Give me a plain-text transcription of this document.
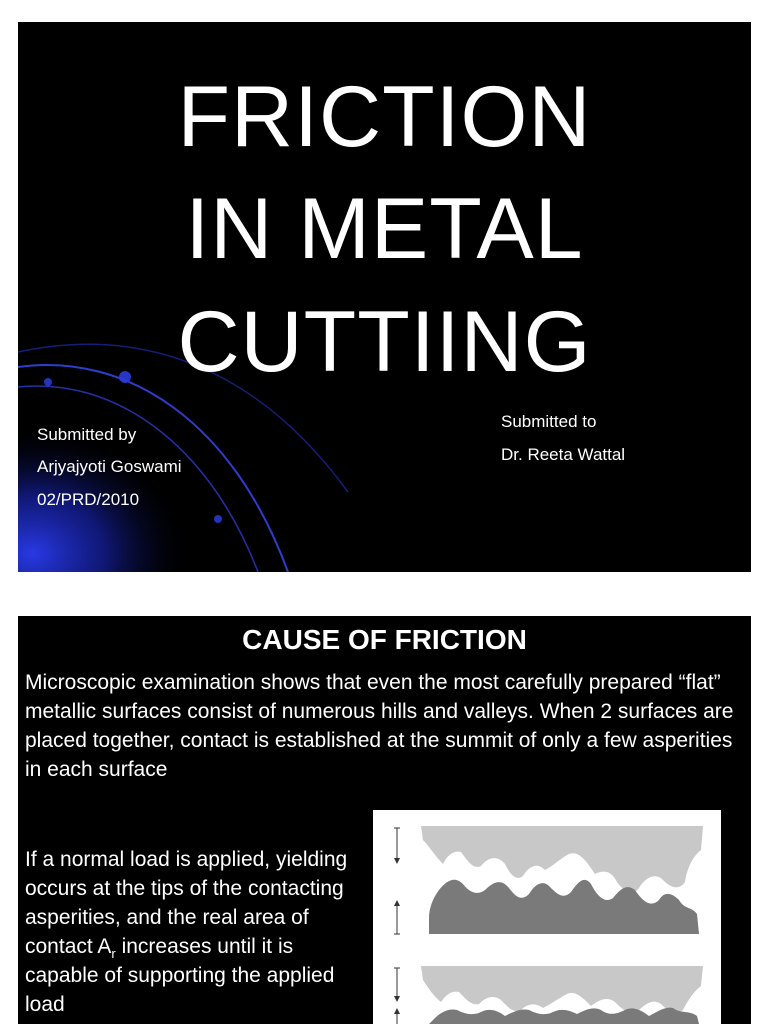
FRICTION
IN METAL
CUTTIING
Submitted by
Arjyajyoti Goswami
02/PRD/2010
Submitted to
Dr. Reeta Wattal
CAUSE OF FRICTION

Microscopic examination shows that even the most carefully prepared “flat” metallic surfaces consist of numerous hills and valleys. When 2 surfaces are placed together, contact is established at the summit of only a few asperities in each surface

If a normal load is applied, yielding occurs at the tips of the contacting asperities, and the real area of contact $A_r$ increases until it is capable of supporting the applied load
